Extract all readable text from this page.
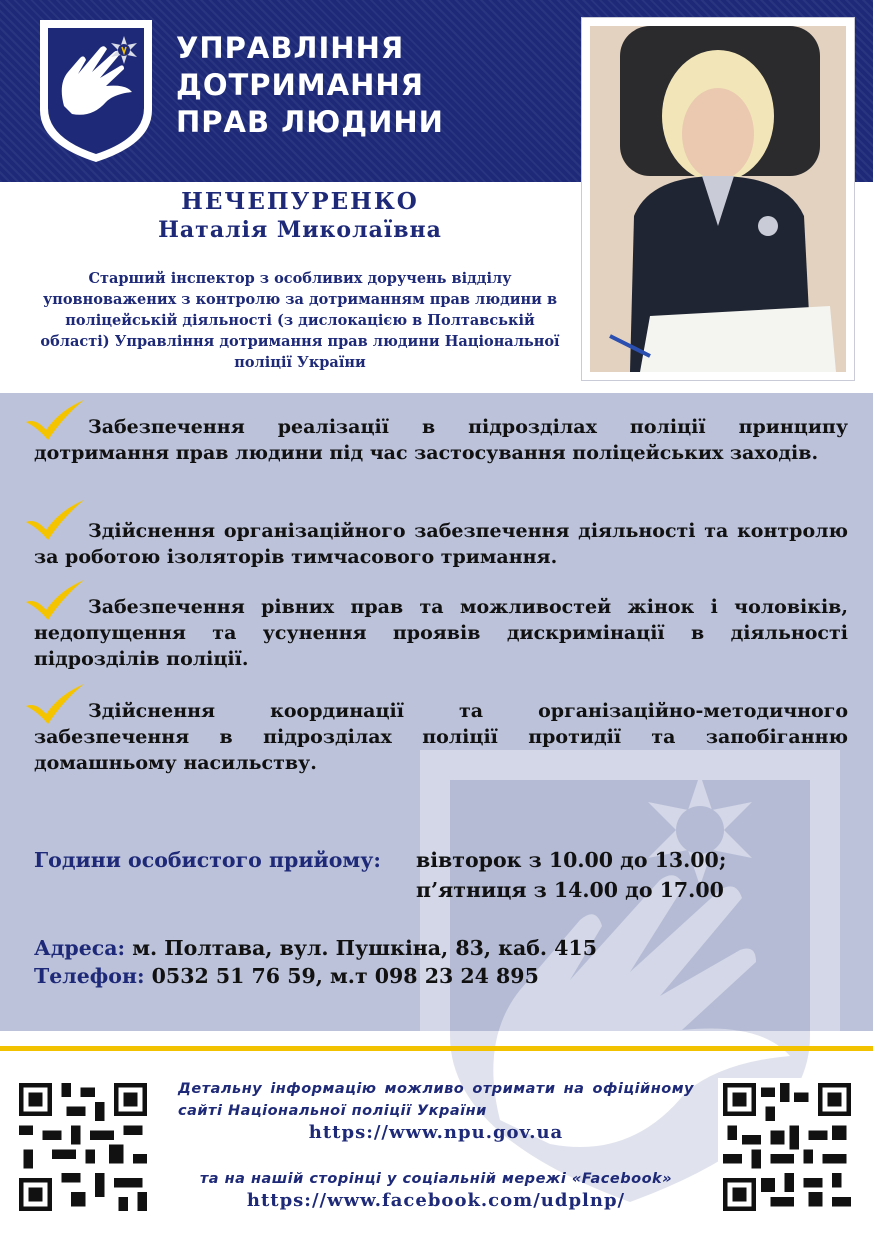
УПРАВЛІННЯ
ДОТРИМАННЯ
ПРАВ ЛЮДИНИ
НЕЧЕПУРЕНКО
Наталія Миколаївна
Старший інспектор з особливих доручень відділу уповноважених з контролю за дотриманням прав людини в поліцейській діяльності (з дислокацією в Полтавській області) Управління дотримання прав людини Національної поліції України
Забезпечення реалізації в підрозділах поліції принципу дотримання прав людини під час застосування поліцейських заходів.
Здійснення організаційного забезпечення діяльності та контролю за роботою ізоляторів тимчасового тримання.
Забезпечення рівних прав та можливостей жінок і чоловіків, недопущення та усунення проявів дискримінації в діяльності підрозділів поліції.
Здійснення координації та організаційно-методичного забезпечення в підрозділах поліції протидії та запобіганню домашньому насильству.
Години особистого прийому: вівторок з 10.00 до 13.00;
п’ятниця з 14.00 до 17.00
Адреса: м. Полтава, вул. Пушкіна, 83, каб. 415
Телефон: 0532 51 76 59, м.т 098 23 24 895
Детальну інформацію можливо отримати на офіційному сайті Національної поліції України
https://www.npu.gov.ua
та на нашій сторінці у соціальній мережі «Facebook»
https://www.facebook.com/udplnp/
